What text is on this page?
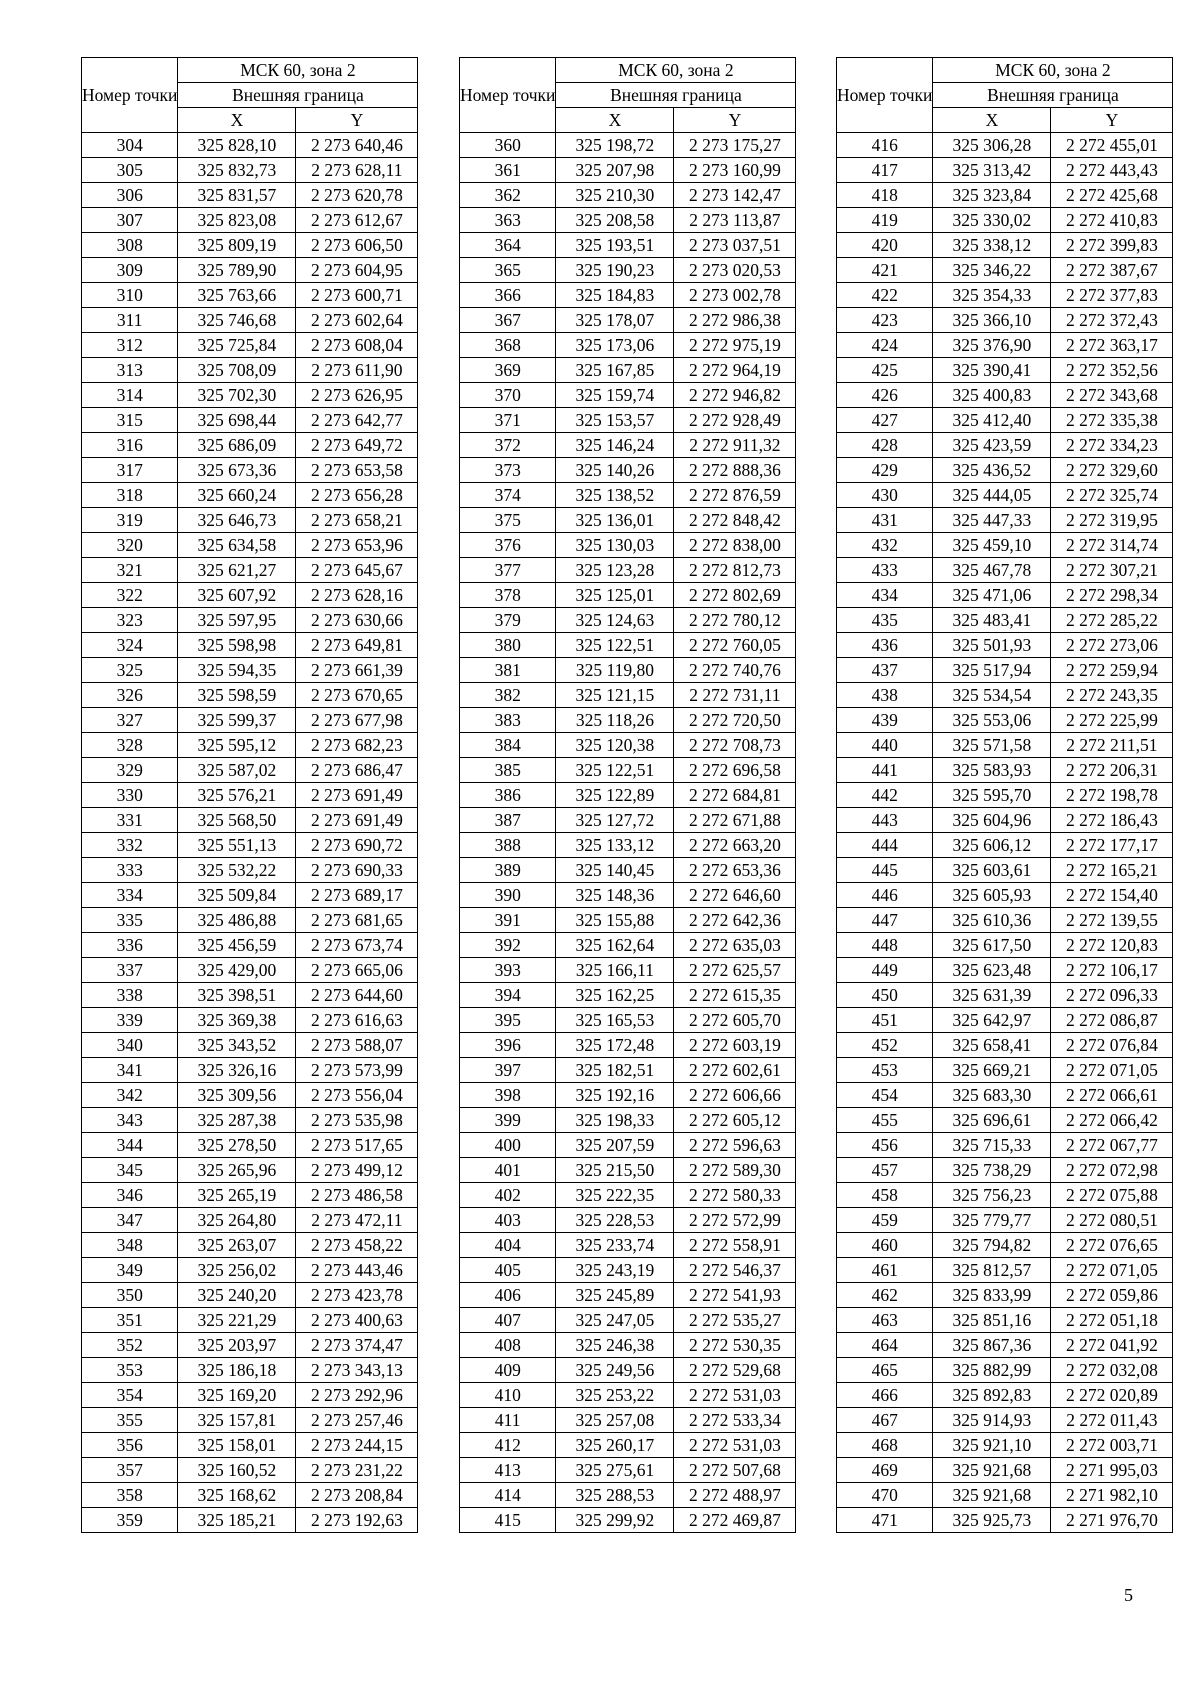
Номер точки	МСК 60, зона 2	
	Внешняя граница	
	X	Y
304	325 828,10	2 273 640,46
305	325 832,73	2 273 628,11
306	325 831,57	2 273 620,78
307	325 823,08	2 273 612,67
308	325 809,19	2 273 606,50
309	325 789,90	2 273 604,95
310	325 763,66	2 273 600,71
311	325 746,68	2 273 602,64
312	325 725,84	2 273 608,04
313	325 708,09	2 273 611,90
314	325 702,30	2 273 626,95
315	325 698,44	2 273 642,77
316	325 686,09	2 273 649,72
317	325 673,36	2 273 653,58
318	325 660,24	2 273 656,28
319	325 646,73	2 273 658,21
320	325 634,58	2 273 653,96
321	325 621,27	2 273 645,67
322	325 607,92	2 273 628,16
323	325 597,95	2 273 630,66
324	325 598,98	2 273 649,81
325	325 594,35	2 273 661,39
326	325 598,59	2 273 670,65
327	325 599,37	2 273 677,98
328	325 595,12	2 273 682,23
329	325 587,02	2 273 686,47
330	325 576,21	2 273 691,49
331	325 568,50	2 273 691,49
332	325 551,13	2 273 690,72
333	325 532,22	2 273 690,33
334	325 509,84	2 273 689,17
335	325 486,88	2 273 681,65
336	325 456,59	2 273 673,74
337	325 429,00	2 273 665,06
338	325 398,51	2 273 644,60
339	325 369,38	2 273 616,63
340	325 343,52	2 273 588,07
341	325 326,16	2 273 573,99
342	325 309,56	2 273 556,04
343	325 287,38	2 273 535,98
344	325 278,50	2 273 517,65
345	325 265,96	2 273 499,12
346	325 265,19	2 273 486,58
347	325 264,80	2 273 472,11
348	325 263,07	2 273 458,22
349	325 256,02	2 273 443,46
350	325 240,20	2 273 423,78
351	325 221,29	2 273 400,63
352	325 203,97	2 273 374,47
353	325 186,18	2 273 343,13
354	325 169,20	2 273 292,96
355	325 157,81	2 273 257,46
356	325 158,01	2 273 244,15
357	325 160,52	2 273 231,22
358	325 168,62	2 273 208,84
359	325 185,21	2 273 192,63
Номер точки	МСК 60, зона 2	
	Внешняя граница	
	X	Y
360	325 198,72	2 273 175,27
361	325 207,98	2 273 160,99
362	325 210,30	2 273 142,47
363	325 208,58	2 273 113,87
364	325 193,51	2 273 037,51
365	325 190,23	2 273 020,53
366	325 184,83	2 273 002,78
367	325 178,07	2 272 986,38
368	325 173,06	2 272 975,19
369	325 167,85	2 272 964,19
370	325 159,74	2 272 946,82
371	325 153,57	2 272 928,49
372	325 146,24	2 272 911,32
373	325 140,26	2 272 888,36
374	325 138,52	2 272 876,59
375	325 136,01	2 272 848,42
376	325 130,03	2 272 838,00
377	325 123,28	2 272 812,73
378	325 125,01	2 272 802,69
379	325 124,63	2 272 780,12
380	325 122,51	2 272 760,05
381	325 119,80	2 272 740,76
382	325 121,15	2 272 731,11
383	325 118,26	2 272 720,50
384	325 120,38	2 272 708,73
385	325 122,51	2 272 696,58
386	325 122,89	2 272 684,81
387	325 127,72	2 272 671,88
388	325 133,12	2 272 663,20
389	325 140,45	2 272 653,36
390	325 148,36	2 272 646,60
391	325 155,88	2 272 642,36
392	325 162,64	2 272 635,03
393	325 166,11	2 272 625,57
394	325 162,25	2 272 615,35
395	325 165,53	2 272 605,70
396	325 172,48	2 272 603,19
397	325 182,51	2 272 602,61
398	325 192,16	2 272 606,66
399	325 198,33	2 272 605,12
400	325 207,59	2 272 596,63
401	325 215,50	2 272 589,30
402	325 222,35	2 272 580,33
403	325 228,53	2 272 572,99
404	325 233,74	2 272 558,91
405	325 243,19	2 272 546,37
406	325 245,89	2 272 541,93
407	325 247,05	2 272 535,27
408	325 246,38	2 272 530,35
409	325 249,56	2 272 529,68
410	325 253,22	2 272 531,03
411	325 257,08	2 272 533,34
412	325 260,17	2 272 531,03
413	325 275,61	2 272 507,68
414	325 288,53	2 272 488,97
415	325 299,92	2 272 469,87
Номер точки	МСК 60, зона 2	
	Внешняя граница	
	X	Y
416	325 306,28	2 272 455,01
417	325 313,42	2 272 443,43
418	325 323,84	2 272 425,68
419	325 330,02	2 272 410,83
420	325 338,12	2 272 399,83
421	325 346,22	2 272 387,67
422	325 354,33	2 272 377,83
423	325 366,10	2 272 372,43
424	325 376,90	2 272 363,17
425	325 390,41	2 272 352,56
426	325 400,83	2 272 343,68
427	325 412,40	2 272 335,38
428	325 423,59	2 272 334,23
429	325 436,52	2 272 329,60
430	325 444,05	2 272 325,74
431	325 447,33	2 272 319,95
432	325 459,10	2 272 314,74
433	325 467,78	2 272 307,21
434	325 471,06	2 272 298,34
435	325 483,41	2 272 285,22
436	325 501,93	2 272 273,06
437	325 517,94	2 272 259,94
438	325 534,54	2 272 243,35
439	325 553,06	2 272 225,99
440	325 571,58	2 272 211,51
441	325 583,93	2 272 206,31
442	325 595,70	2 272 198,78
443	325 604,96	2 272 186,43
444	325 606,12	2 272 177,17
445	325 603,61	2 272 165,21
446	325 605,93	2 272 154,40
447	325 610,36	2 272 139,55
448	325 617,50	2 272 120,83
449	325 623,48	2 272 106,17
450	325 631,39	2 272 096,33
451	325 642,97	2 272 086,87
452	325 658,41	2 272 076,84
453	325 669,21	2 272 071,05
454	325 683,30	2 272 066,61
455	325 696,61	2 272 066,42
456	325 715,33	2 272 067,77
457	325 738,29	2 272 072,98
458	325 756,23	2 272 075,88
459	325 779,77	2 272 080,51
460	325 794,82	2 272 076,65
461	325 812,57	2 272 071,05
462	325 833,99	2 272 059,86
463	325 851,16	2 272 051,18
464	325 867,36	2 272 041,92
465	325 882,99	2 272 032,08
466	325 892,83	2 272 020,89
467	325 914,93	2 272 011,43
468	325 921,10	2 272 003,71
469	325 921,68	2 271 995,03
470	325 921,68	2 271 982,10
471	325 925,73	2 271 976,70
5
